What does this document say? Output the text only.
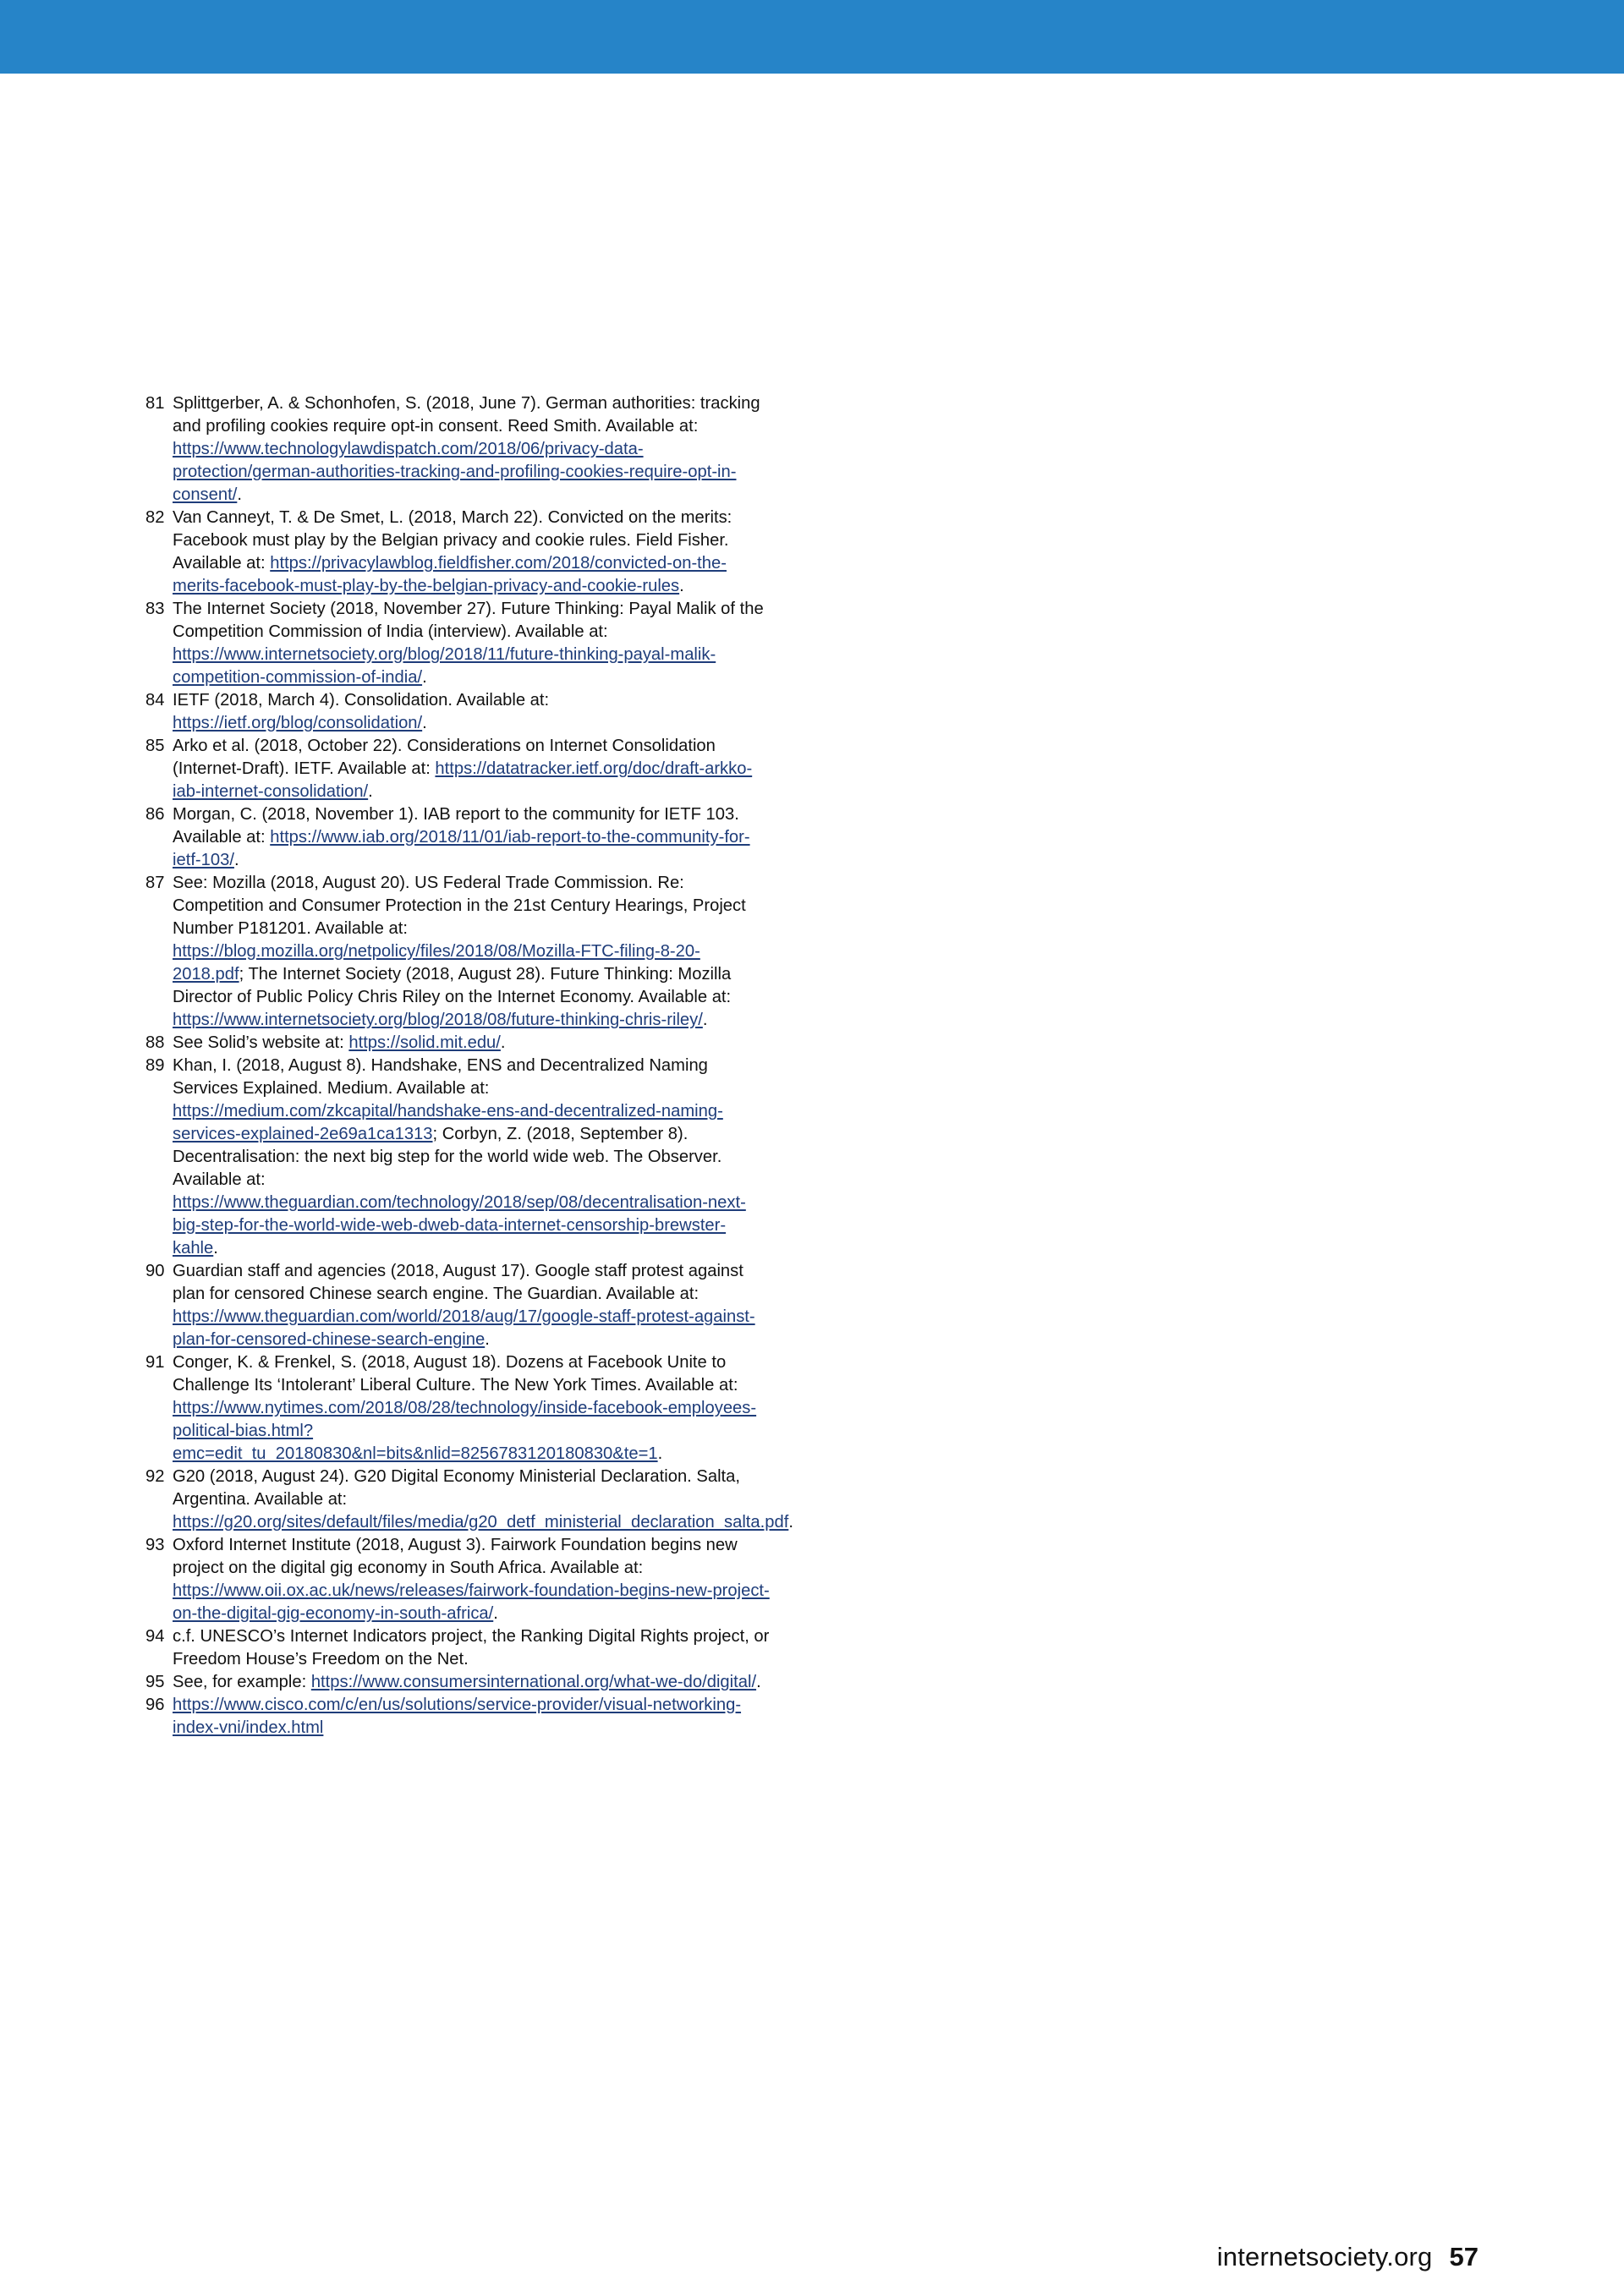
81 Splittgerber, A. & Schonhofen, S. (2018, June 7). German authorities: tracking and profiling cookies require opt-in consent. Reed Smith. Available at: https://www.technologylawdispatch.com/2018/06/privacy-data-protection/german-authorities-tracking-and-profiling-cookies-require-opt-in-consent/.
82 Van Canneyt, T. & De Smet, L. (2018, March 22). Convicted on the merits: Facebook must play by the Belgian privacy and cookie rules. Field Fisher. Available at: https://privacylawblog.fieldfisher.com/2018/convicted-on-the-merits-facebook-must-play-by-the-belgian-privacy-and-cookie-rules.
83 The Internet Society (2018, November 27). Future Thinking: Payal Malik of the Competition Commission of India (interview). Available at: https://www.internetsociety.org/blog/2018/11/future-thinking-payal-malik-competition-commission-of-india/.
84 IETF (2018, March 4). Consolidation. Available at: https://ietf.org/blog/consolidation/.
85 Arko et al. (2018, October 22). Considerations on Internet Consolidation (Internet-Draft). IETF. Available at: https://datatracker.ietf.org/doc/draft-arkko-iab-internet-consolidation/.
86 Morgan, C. (2018, November 1). IAB report to the community for IETF 103. Available at: https://www.iab.org/2018/11/01/iab-report-to-the-community-for-ietf-103/.
87 See: Mozilla (2018, August 20). US Federal Trade Commission. Re: Competition and Consumer Protection in the 21st Century Hearings, Project Number P181201. Available at: https://blog.mozilla.org/netpolicy/files/2018/08/Mozilla-FTC-filing-8-20-2018.pdf; The Internet Society (2018, August 28). Future Thinking: Mozilla Director of Public Policy Chris Riley on the Internet Economy. Available at: https://www.internetsociety.org/blog/2018/08/future-thinking-chris-riley/.
88 See Solid’s website at: https://solid.mit.edu/.
89 Khan, I. (2018, August 8). Handshake, ENS and Decentralized Naming Services Explained. Medium. Available at: https://medium.com/zkcapital/handshake-ens-and-decentralized-naming-services-explained-2e69a1ca1313; Corbyn, Z. (2018, September 8). Decentralisation: the next big step for the world wide web. The Observer. Available at: https://www.theguardian.com/technology/2018/sep/08/decentralisation-next-big-step-for-the-world-wide-web-dweb-data-internet-censorship-brewster-kahle.
90 Guardian staff and agencies (2018, August 17). Google staff protest against plan for censored Chinese search engine. The Guardian. Available at: https://www.theguardian.com/world/2018/aug/17/google-staff-protest-against-plan-for-censored-chinese-search-engine.
91 Conger, K. & Frenkel, S. (2018, August 18). Dozens at Facebook Unite to Challenge Its ‘Intolerant’ Liberal Culture. The New York Times. Available at: https://www.nytimes.com/2018/08/28/technology/inside-facebook-employees-political-bias.html?emc=edit_tu_20180830&nl=bits&nlid=8256783120180830&te=1.
92 G20 (2018, August 24). G20 Digital Economy Ministerial Declaration. Salta, Argentina. Available at: https://g20.org/sites/default/files/media/g20_detf_ministerial_declaration_salta.pdf.
93 Oxford Internet Institute (2018, August 3). Fairwork Foundation begins new project on the digital gig economy in South Africa. Available at: https://www.oii.ox.ac.uk/news/releases/fairwork-foundation-begins-new-project-on-the-digital-gig-economy-in-south-africa/.
94 c.f. UNESCO’s Internet Indicators project, the Ranking Digital Rights project, or Freedom House’s Freedom on the Net.
95 See, for example: https://www.consumersinternational.org/what-we-do/digital/.
96 https://www.cisco.com/c/en/us/solutions/service-provider/visual-networking-index-vni/index.html
internetsociety.org 57
